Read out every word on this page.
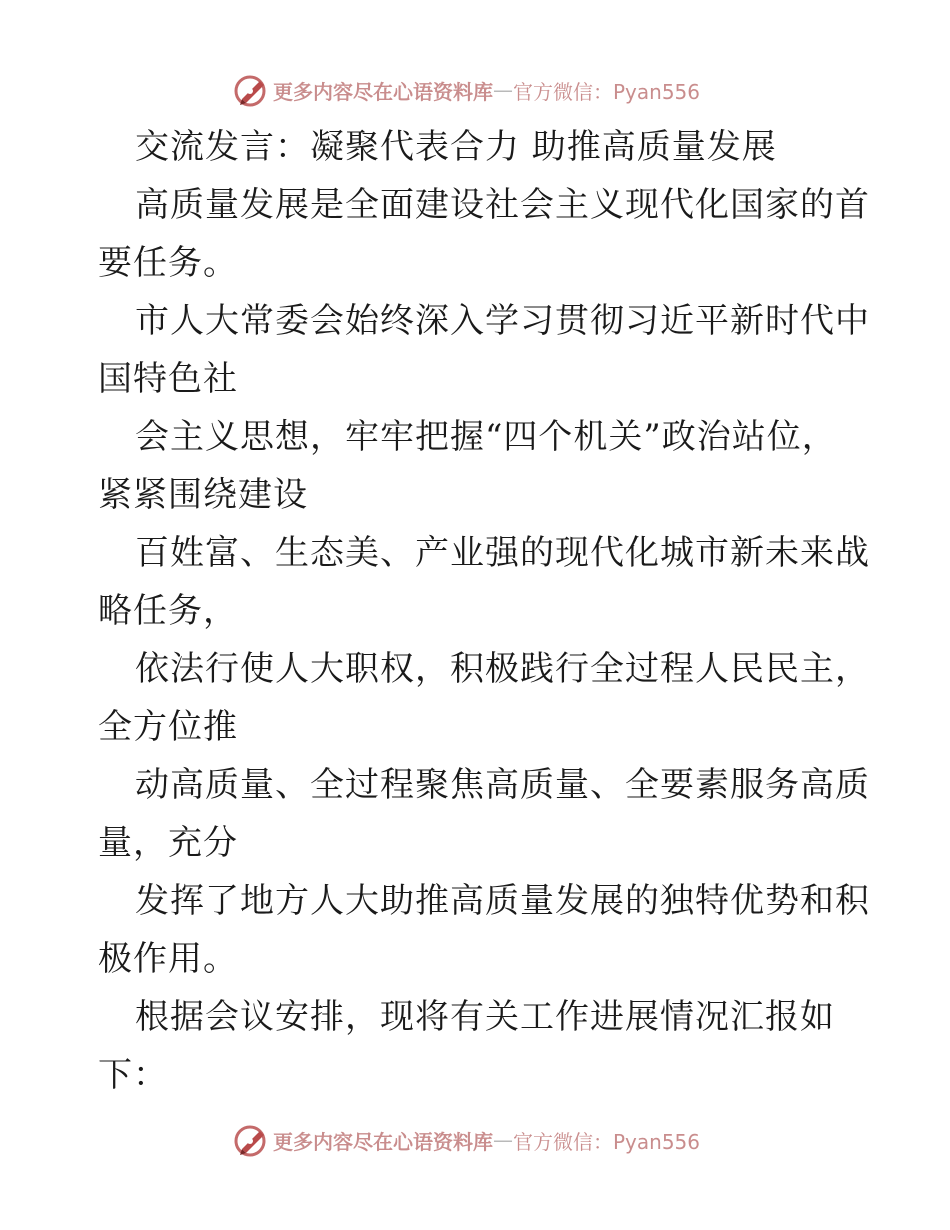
更多内容尽在心语资料库 — 官方微信：Pyan556
交流发言：凝聚代表合力 助推高质量发展
高质量发展是全面建设社会主义现代化国家的首
要任务。
市人大常委会始终深入学习贯彻习近平新时代中
国特色社
会主义思想，牢牢把握“四个机关”政治站位，
紧紧围绕建设
百姓富、生态美、产业强的现代化城市新未来战
略任务，
依法行使人大职权，积极践行全过程人民民主，
全方位推
动高质量、全过程聚焦高质量、全要素服务高质
量，充分
发挥了地方人大助推高质量发展的独特优势和积
极作用。
根据会议安排，现将有关工作进展情况汇报如
下：
更多内容尽在心语资料库 — 官方微信：Pyan556
